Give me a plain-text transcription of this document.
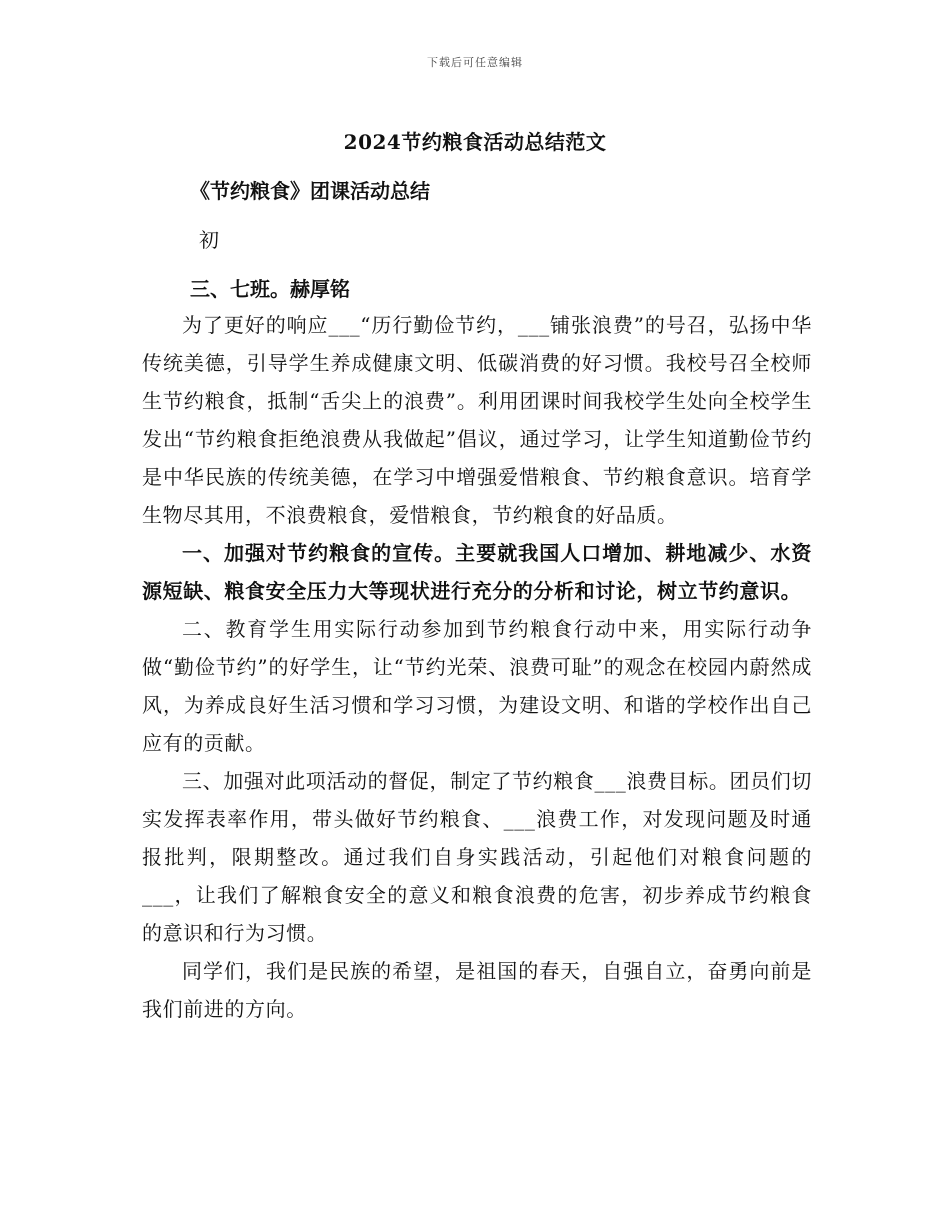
下载后可任意编辑
2024节约粮食活动总结范文
《节约粮食》团课活动总结
初
三、七班。赫厚铭

为了更好的响应___“历行勤俭节约，___铺张浪费”的号召，弘扬中华传统美德，引导学生养成健康文明、低碳消费的好习惯。我校号召全校师生节约粮食，抵制“舌尖上的浪费”。利用团课时间我校学生处向全校学生发出“节约粮食拒绝浪费从我做起”倡议，通过学习，让学生知道勤俭节约是中华民族的传统美德，在学习中增强爱惜粮食、节约粮食意识。培育学生物尽其用，不浪费粮食，爱惜粮食，节约粮食的好品质。

一、加强对节约粮食的宣传。主要就我国人口增加、耕地减少、水资源短缺、粮食安全压力大等现状进行充分的分析和讨论，树立节约意识。

二、教育学生用实际行动参加到节约粮食行动中来，用实际行动争做“勤俭节约”的好学生，让“节约光荣、浪费可耻”的观念在校园内蔚然成风，为养成良好生活习惯和学习习惯，为建设文明、和谐的学校作出自己应有的贡献。

三、加强对此项活动的督促，制定了节约粮食___浪费目标。团员们切实发挥表率作用，带头做好节约粮食、___浪费工作，对发现问题及时通报批判，限期整改。通过我们自身实践活动，引起他们对粮食问题的___，让我们了解粮食安全的意义和粮食浪费的危害，初步养成节约粮食的意识和行为习惯。

同学们，我们是民族的希望，是祖国的春天，自强自立，奋勇向前是我们前进的方向。
